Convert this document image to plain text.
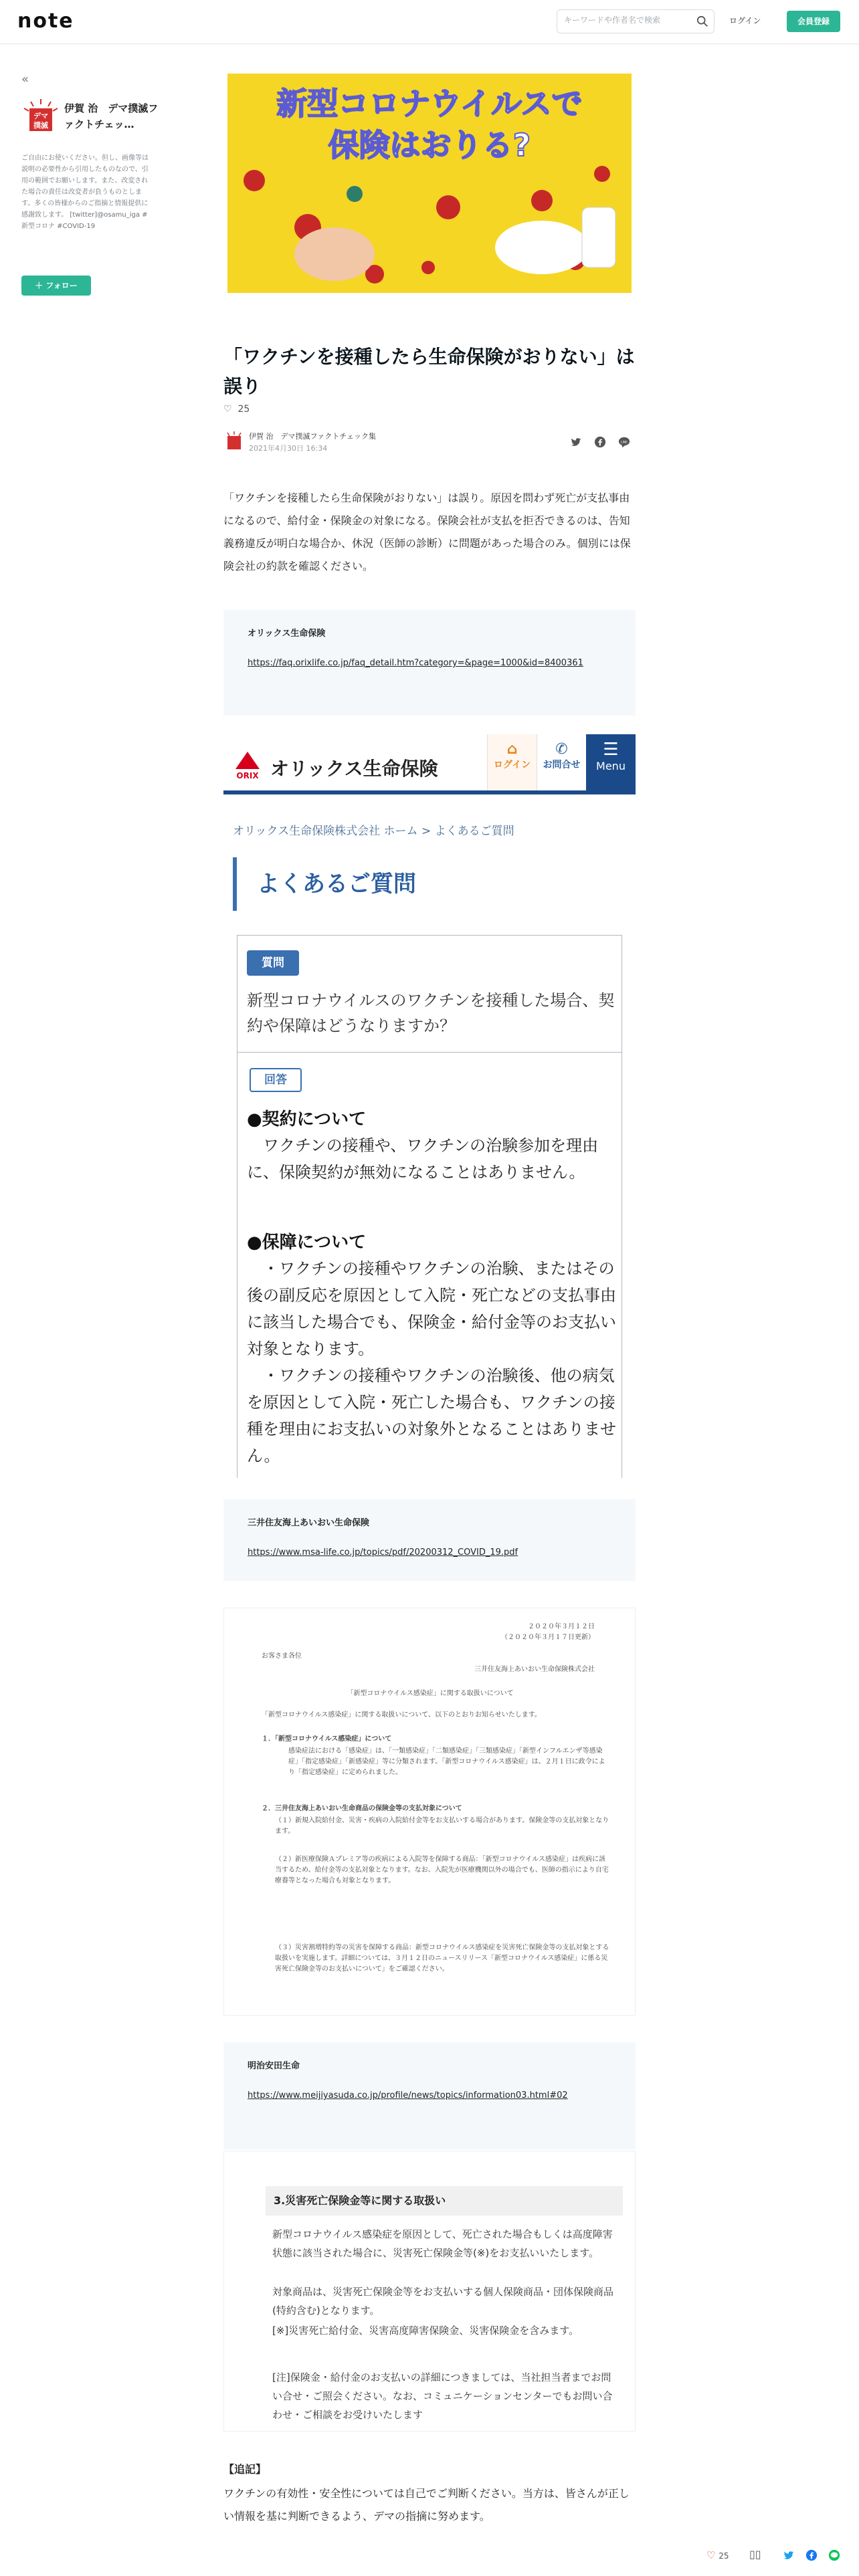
note
キーワードや作者名で検索	ログイン	会員登録
«
デマ
撲滅
伊賀 治　デマ撲滅ファクトチェッ…
ご自由にお使いください。但し、画像等は説明の必要性から引用したものなので、引用の範囲でお願いします。また、改変された場合の責任は改変者が負うものとします。多くの皆様からのご指摘と情報提供に感謝致します。 [twitter]@osamu_iga #新型コロナ #COVID-19
＋ フォロー
新型コロナウイルスで
保険はおりる?
「ワクチンを接種したら生命保険がおりない」は誤り
♡ 25
伊賀 治　デマ撲滅ファクトチェック集
2021年4月30日 16:34
LINE
「ワクチンを接種したら生命保険がおりない」は誤り。原因を問わず死亡が支払事由になるので、給付金・保険金の対象になる。保険会社が支払を拒否できるのは、告知義務違反が明白な場合か、休況（医師の診断）に問題があった場合のみ。個別には保険会社の約款を確認ください。
オリックス生命保険
https://faq.orixlife.co.jp/faq_detail.htm?category=&page=1000&id=8400361
ORIX オリックス生命保険
⌂
ログイン
✆
お問合せ
☰
Menu
オリックス生命保険株式会社 ホーム > よくあるご質問
よくあるご質問
質問
新型コロナウイルスのワクチンを接種した場合、契約や保障はどうなりますか？
回答
●契約について
　ワクチンの接種や、ワクチンの治験参加を理由に、保険契約が無効になることはありません。
●保障について
　・ワクチンの接種やワクチンの治験、またはその後の副反応を原因として入院・死亡などの支払事由に該当した場合でも、保険金・給付金等のお支払い対象となります。
　・ワクチンの接種やワクチンの治験後、他の病気を原因として入院・死亡した場合も、ワクチンの接種を理由にお支払いの対象外となることはありません。
三井住友海上あいおい生命保険
https://www.msa-life.co.jp/topics/pdf/20200312_COVID_19.pdf
２０２０年３月１２日
（２０２０年３月１７日更新）
お客さま各位
三井住友海上あいおい生命保険株式会社
「新型コロナウイルス感染症」に関する取扱いについて
「新型コロナウイルス感染症」に関する取扱いについて、以下のとおりお知らせいたします。
１．「新型コロナウイルス感染症」について
感染症法における「感染症」は、「一類感染症」「二類感染症」「三類感染症」「新型インフルエンザ等感染症」「指定感染症」「新感染症」等に分類されます。「新型コロナウイルス感染症」は、２月１日に政令により「指定感染症」に定められました。
２．三井住友海上あいおい生命商品の保険金等の支払対象について
（１）新規入院給付金、災害・疾病の入院給付金等をお支払いする場合があります。保険金等の支払対象となります。
（２）新医療保険Ａプレミア等の疾病による入院等を保障する商品：「新型コロナウイルス感染症」は疾病に該当するため、給付金等の支払対象となります。なお、入院先が医療機関以外の場合でも、医師の指示により自宅療養等となった場合も対象となります。
（３）災害割増特約等の災害を保障する商品：新型コロナウイルス感染症を災害死亡保険金等の支払対象とする取扱いを実施します。詳細については、３月１２日のニュースリリース「新型コロナウイルス感染症」に係る災害死亡保険金等のお支払いについて」をご確認ください。
明治安田生命
https://www.meijiyasuda.co.jp/profile/news/topics/information03.html#02
3.災害死亡保険金等に関する取扱い
新型コロナウイルス感染症を原因として、死亡された場合もしくは高度障害状態に該当された場合に、災害死亡保険金等(※)をお支払いいたします。
対象商品は、災害死亡保険金等をお支払いする個人保険商品・団体保険商品(特約含む)となります。
[※]災害死亡給付金、災害高度障害保険金、災害保険金を含みます。
[注]保険金・給付金のお支払いの詳細につきましては、当社担当者までお問い合せ・ご照会ください。なお、コミュニケーションセンターでもお問い合わせ・ご相談をお受けいたします
【追記】
ワクチンの有効性・安全性については自己でご判断ください。当方は、皆さんが正しい情報を基に判断できるよう、デマの指摘に努めます。
♡ 25 ▯▯
